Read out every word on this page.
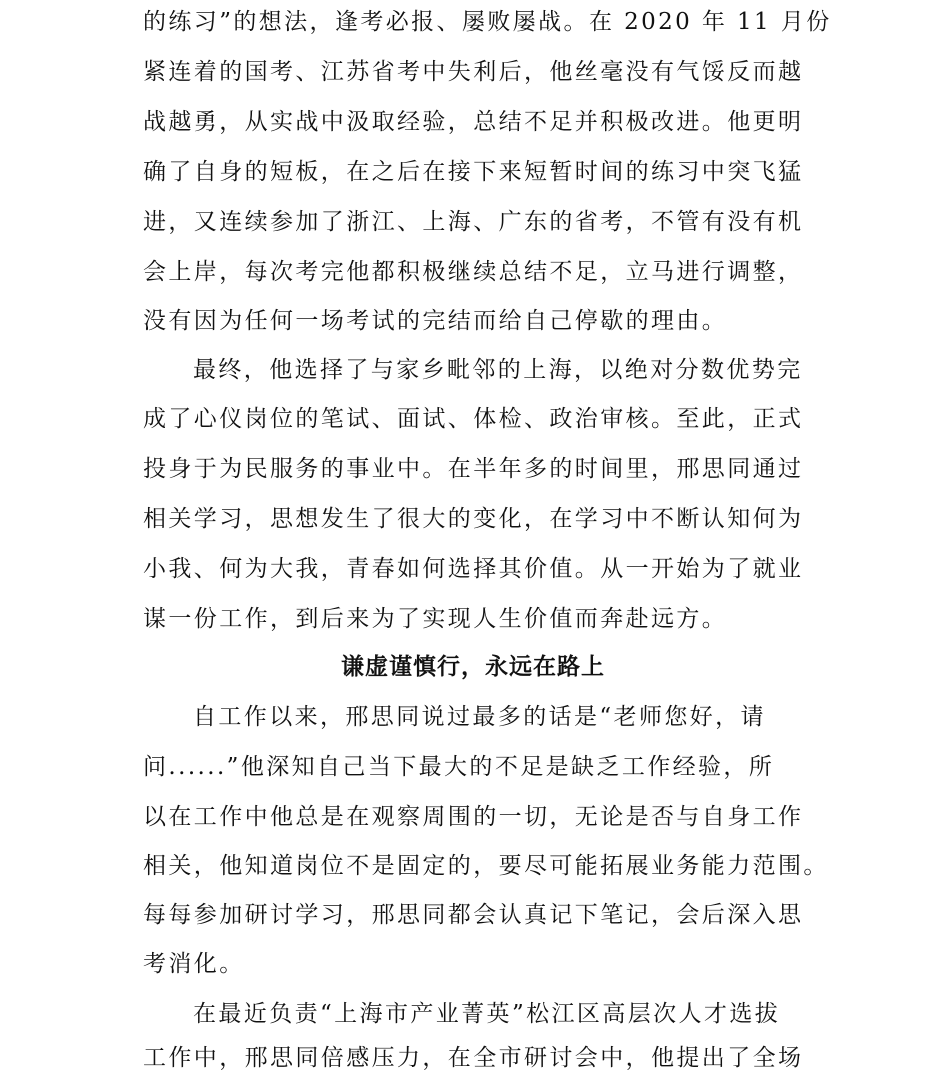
的练习”的想法，逢考必报、屡败屡战。在 2020 年 11 月份
紧连着的国考、江苏省考中失利后，他丝毫没有气馁反而越
战越勇，从实战中汲取经验，总结不足并积极改进。他更明
确了自身的短板，在之后在接下来短暂时间的练习中突飞猛
进，又连续参加了浙江、上海、广东的省考，不管有没有机
会上岸，每次考完他都积极继续总结不足，立马进行调整，
没有因为任何一场考试的完结而给自己停歇的理由。
最终，他选择了与家乡毗邻的上海，以绝对分数优势完
成了心仪岗位的笔试、面试、体检、政治审核。至此，正式
投身于为民服务的事业中。在半年多的时间里，邢思同通过
相关学习，思想发生了很大的变化，在学习中不断认知何为
小我、何为大我，青春如何选择其价值。从一开始为了就业
谋一份工作，到后来为了实现人生价值而奔赴远方。
谦虚谨慎行，永远在路上
自工作以来，邢思同说过最多的话是“老师您好，请
问......”他深知自己当下最大的不足是缺乏工作经验，所
以在工作中他总是在观察周围的一切，无论是否与自身工作
相关，他知道岗位不是固定的，要尽可能拓展业务能力范围。
每每参加研讨学习，邢思同都会认真记下笔记，会后深入思
考消化。
在最近负责“上海市产业菁英”松江区高层次人才选拔
工作中，邢思同倍感压力，在全市研讨会中，他提出了全场
